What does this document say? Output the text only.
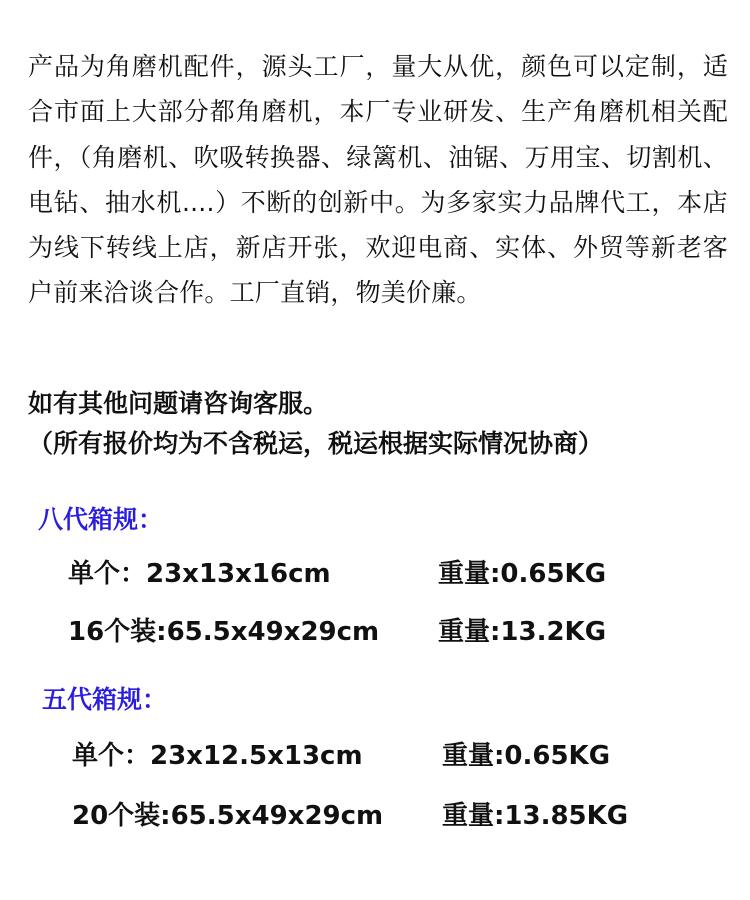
产品为角磨机配件，源头工厂，量大从优，颜色可以定制，适合市面上大部分都角磨机，本厂专业研发、生产角磨机相关配件，（角磨机、吹吸转换器、绿篱机、油锯、万用宝、切割机、电钻、抽水机....）不断的创新中。为多家实力品牌代工，本店为线下转线上店，新店开张，欢迎电商、实体、外贸等新老客户前来洽谈合作。工厂直销，物美价廉。

如有其他问题请咨询客服。

（所有报价均为不含税运，税运根据实际情况协商）

八代箱规：

单个：23x13x16cm	重量:0.65KG

16个装:65.5x49x29cm 重量:13.2KG

五代箱规：

单个：23x12.5x13cm	重量:0.65KG

20个装:65.5x49x29cm 重量:13.85KG
